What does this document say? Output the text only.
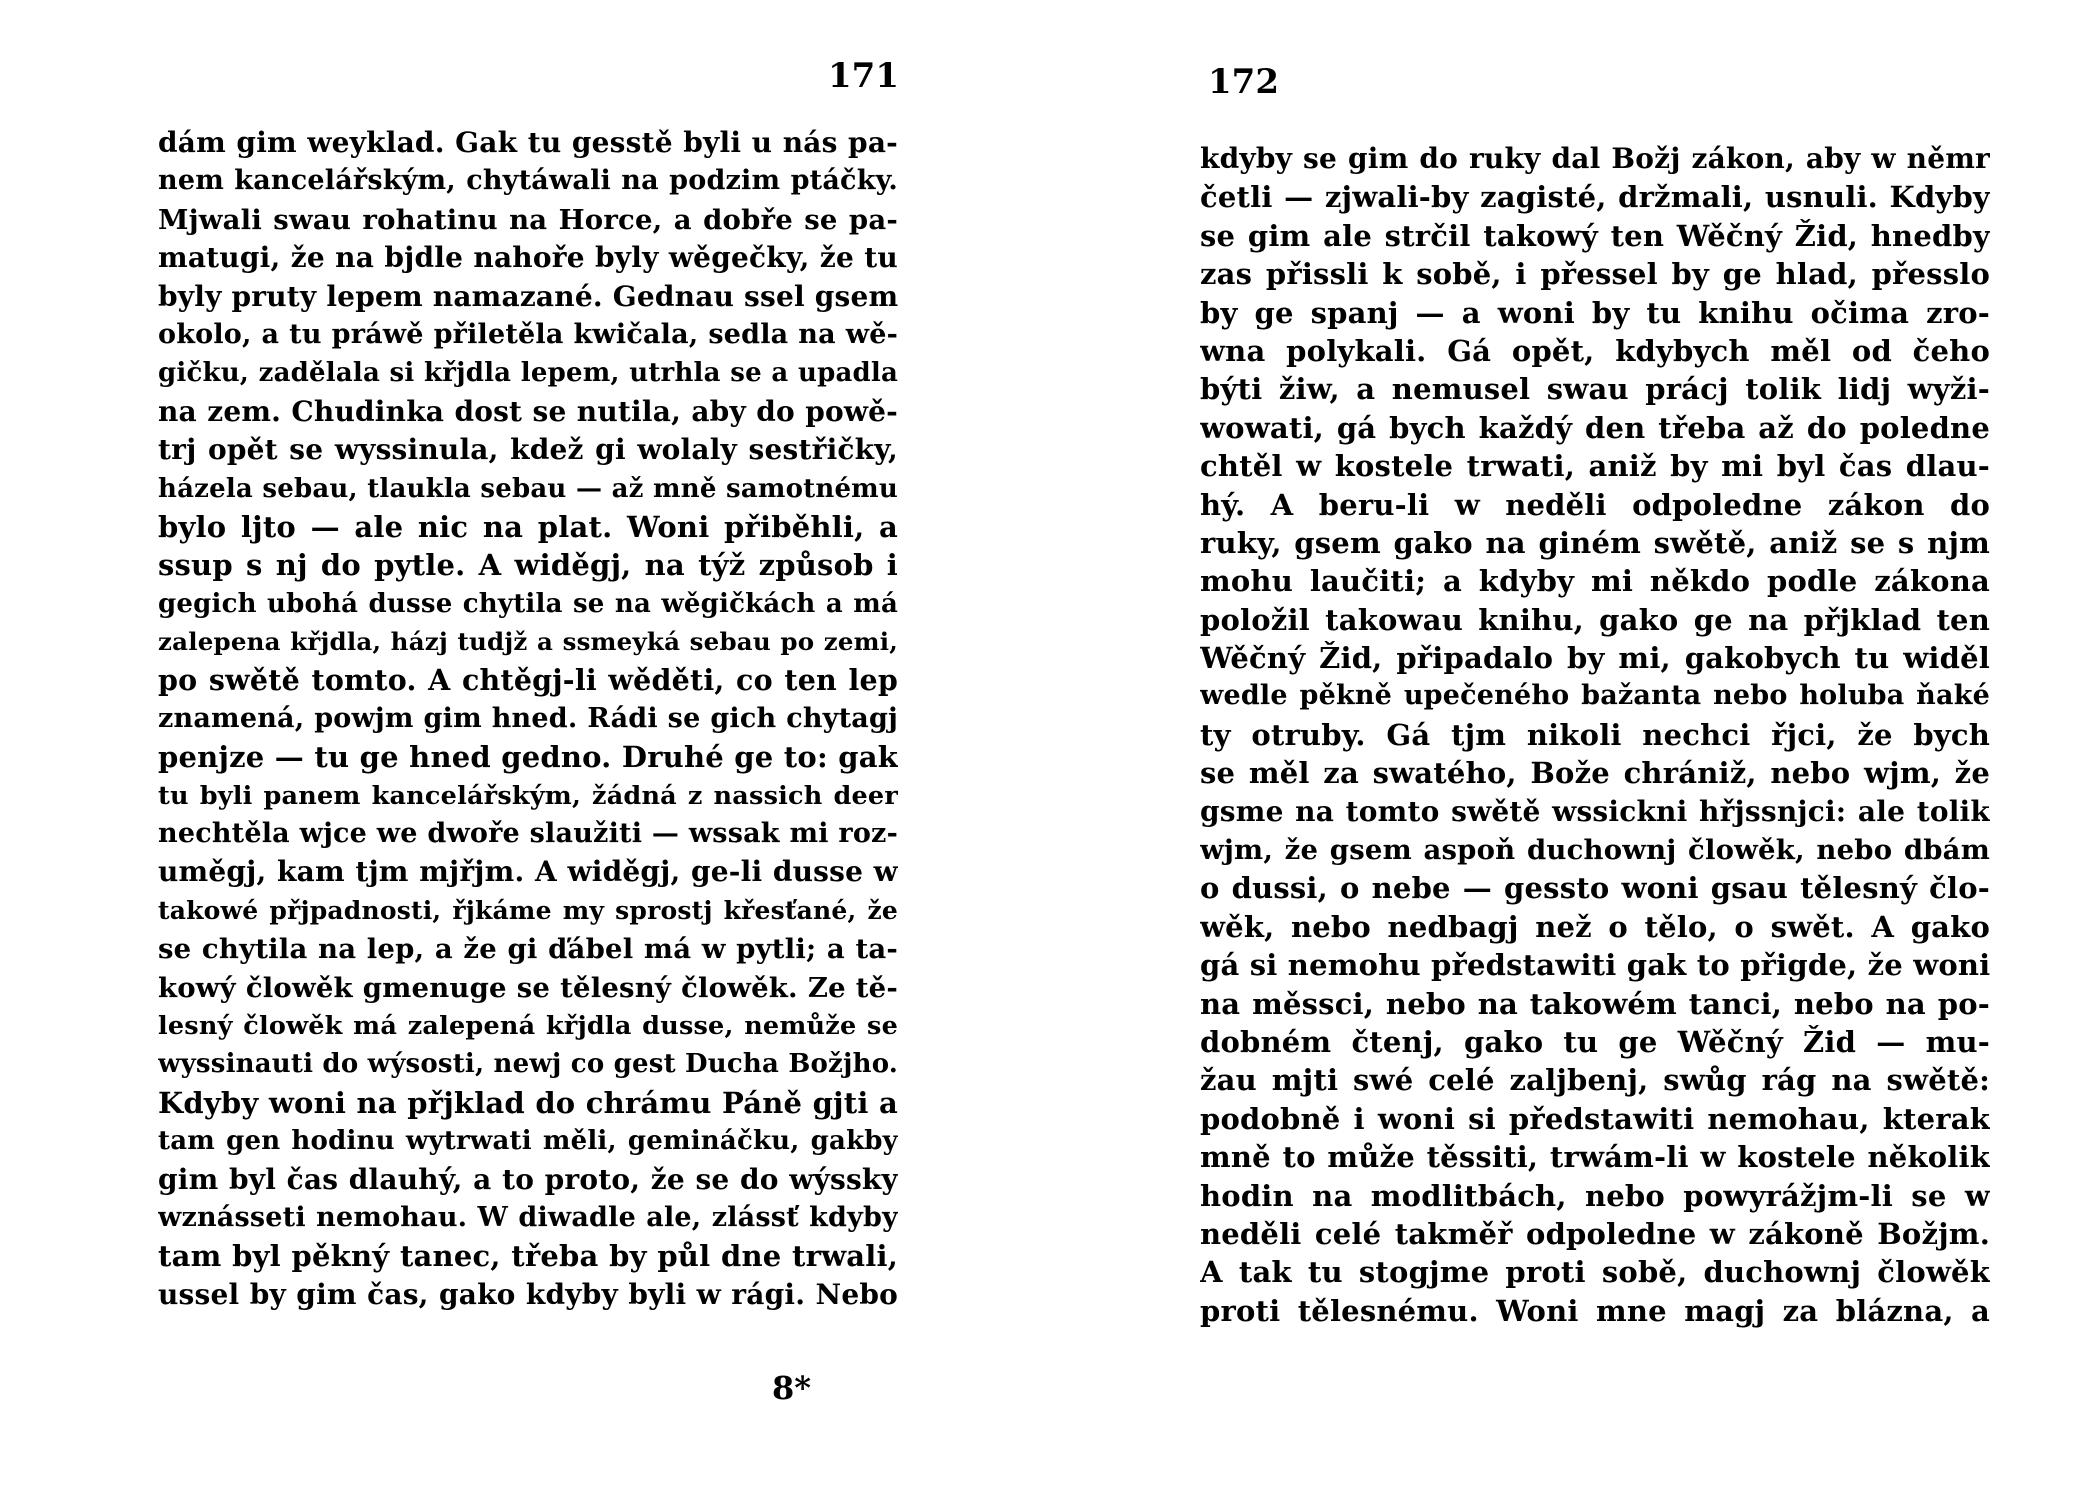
171
dám gim weyklad. Gak tu gesstě byli u nás pa-
nem kancelářským, chytáwali na podzim ptáčky.
Mjwali swau rohatinu na Horce, a dobře se pa-
matugi, že na bjdle nahoře byly wěgečky, že tu
byly pruty lepem namazané. Gednau ssel gsem
okolo, a tu práwě přiletěla kwičala, sedla na wě-
gičku, zadělala si křjdla lepem, utrhla se a upadla
na zem. Chudinka dost se nutila, aby do powě-
trj opět se wyssinula, kdež gi wolaly sestřičky,
házela sebau, tlaukla sebau — až mně samotnému
bylo ljto — ale nic na plat. Woni přiběhli, a
ssup s nj do pytle. A widěgj, na týž způsob i
gegich ubohá dusse chytila se na wěgičkách a má
zalepena křjdla, házj tudjž a ssmeyká sebau po zemi,
po swětě tomto. A chtěgj-li wěděti, co ten lep
znamená, powjm gim hned. Rádi se gich chytagj
penjze — tu ge hned gedno. Druhé ge to: gak
tu byli panem kancelářským, žádná z nassich deer
nechtěla wjce we dwoře slaužiti — wssak mi roz-
uměgj, kam tjm mjřjm. A widěgj, ge-li dusse w
takowé přjpadnosti, řjkáme my sprostj křesťané, že
se chytila na lep, a že gi ďábel má w pytli; a ta-
kowý člowěk gmenuge se tělesný člowěk. Ze tě-
lesný člowěk má zalepená křjdla dusse, nemůže se
wyssinauti do wýsosti, newj co gest Ducha Božjho.
Kdyby woni na přjklad do chrámu Páně gjti a
tam gen hodinu wytrwati měli, gemináčku, gakby
gim byl čas dlauhý, a to proto, že se do wýssky
wznásseti nemohau. W diwadle ale, zlássť kdyby
tam byl pěkný tanec, třeba by půl dne trwali,
ussel by gim čas, gako kdyby byli w rági. Nebo
8*
172
kdyby se gim do ruky dal Božj zákon, aby w němr
četli — zjwali-by zagisté, držmali, usnuli. Kdyby
se gim ale strčil takowý ten Wěčný Žid, hnedby
zas přissli k sobě, i přessel by ge hlad, přesslo
by ge spanj — a woni by tu knihu očima zro-
wna polykali. Gá opět, kdybych měl od čeho
býti žiw, a nemusel swau prácj tolik lidj wyži-
wowati, gá bych každý den třeba až do poledne
chtěl w kostele trwati, aniž by mi byl čas dlau-
hý. A beru-li w neděli odpoledne zákon do
ruky, gsem gako na giném swětě, aniž se s njm
mohu laučiti; a kdyby mi někdo podle zákona
položil takowau knihu, gako ge na přjklad ten
Wěčný Žid, připadalo by mi, gakobych tu widěl
wedle pěkně upečeného bažanta nebo holuba ňaké
ty otruby. Gá tjm nikoli nechci řjci, že bych
se měl za swatého, Bože chrániž, nebo wjm, že
gsme na tomto swětě wssickni hřjssnjci: ale tolik
wjm, že gsem aspoň duchownj člowěk, nebo dbám
o dussi, o nebe — gessto woni gsau tělesný člo-
wěk, nebo nedbagj než o tělo, o swět. A gako
gá si nemohu předstawiti gak to přigde, že woni
na měssci, nebo na takowém tanci, nebo na po-
dobném čtenj, gako tu ge Wěčný Žid — mu-
žau mjti swé celé zaljbenj, swůg rág na swětě:
podobně i woni si předstawiti nemohau, kterak
mně to může těssiti, trwám-li w kostele několik
hodin na modlitbách, nebo powyrážjm-li se w
neděli celé takměř odpoledne w zákoně Božjm.
A tak tu stogjme proti sobě, duchownj člowěk
proti tělesnému. Woni mne magj za blázna, a
